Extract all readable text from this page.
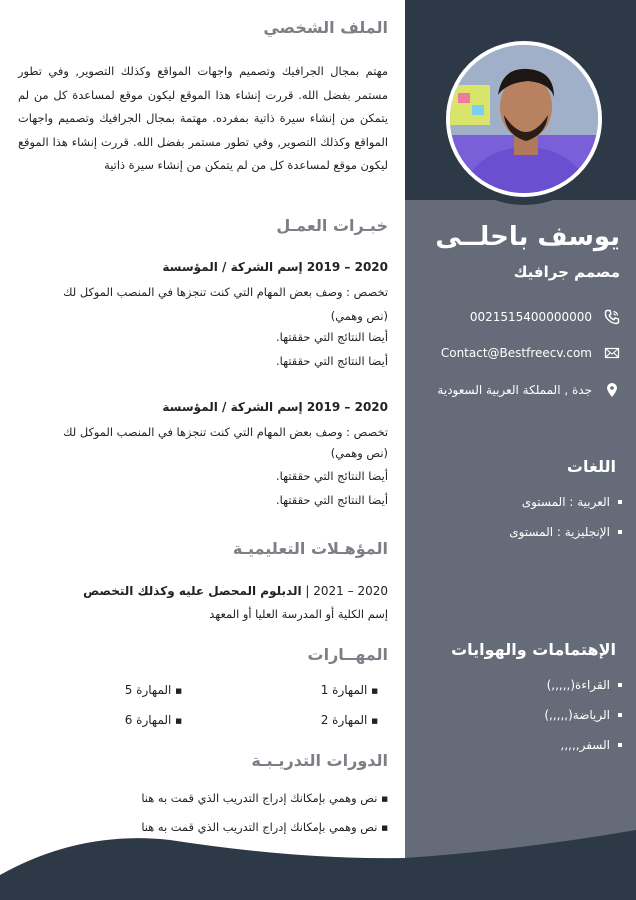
يوسف باحلــى

مصمم جرافيك

0021515400000000
Contact@Bestfreecv.com
جدة , المملكة العربية السعودية
اللغات
العربية : المستوى
الإنجليزية : المستوى
الإهتمامات والهوايات
القراءة(,,,,,)
الرياضة(,,,,,)
السفر,,,,,
الملف الشخصي

مهتم بمجال الجرافيك وتصميم واجهات المواقع وكذلك التصوير, وفي تطور مستمر بفضل الله. قررت إنشاء هذا الموقع ليكون موقع لمساعدة كل من لم يتمكن من إنشاء سيرة ذاتية بمفرده. مهتمة بمجال الجرافيك وتصميم واجهات المواقع وكذلك التصوير, وفي تطور مستمر بفضل الله. قررت إنشاء هذا الموقع ليكون موقع لمساعدة كل من لم يتمكن من إنشاء سيرة ذاتية

خبـرات العمـل

2020 – 2019 إسم الشركة / المؤسسة

تخصص : وصف بعض المهام التي كنت تنجزها في المنصب الموكل لك

(نص وهمي)

أيضا النتائج التي حققتها.

أيضا النتائج التي حققتها.

2020 – 2019 إسم الشركة / المؤسسة

تخصص : وصف بعض المهام التي كنت تنجزها في المنصب الموكل لك

(نص وهمي)

أيضا النتائج التي حققتها.

أيضا النتائج التي حققتها.

المؤهـلات التعليميـة

2020 – 2021 | الدبلوم المحصل عليه وكذلك التخصص

إسم الكلية أو المدرسة العليا أو المعهد

المهــارات
■ المهارة 1
■ المهارة 5
■ المهارة 2
■ المهارة 6
الدورات التدريـبـة

■ نص وهمي بإمكانك إدراج التدريب الذي قمت به هنا

■ نص وهمي بإمكانك إدراج التدريب الذي قمت به هنا
